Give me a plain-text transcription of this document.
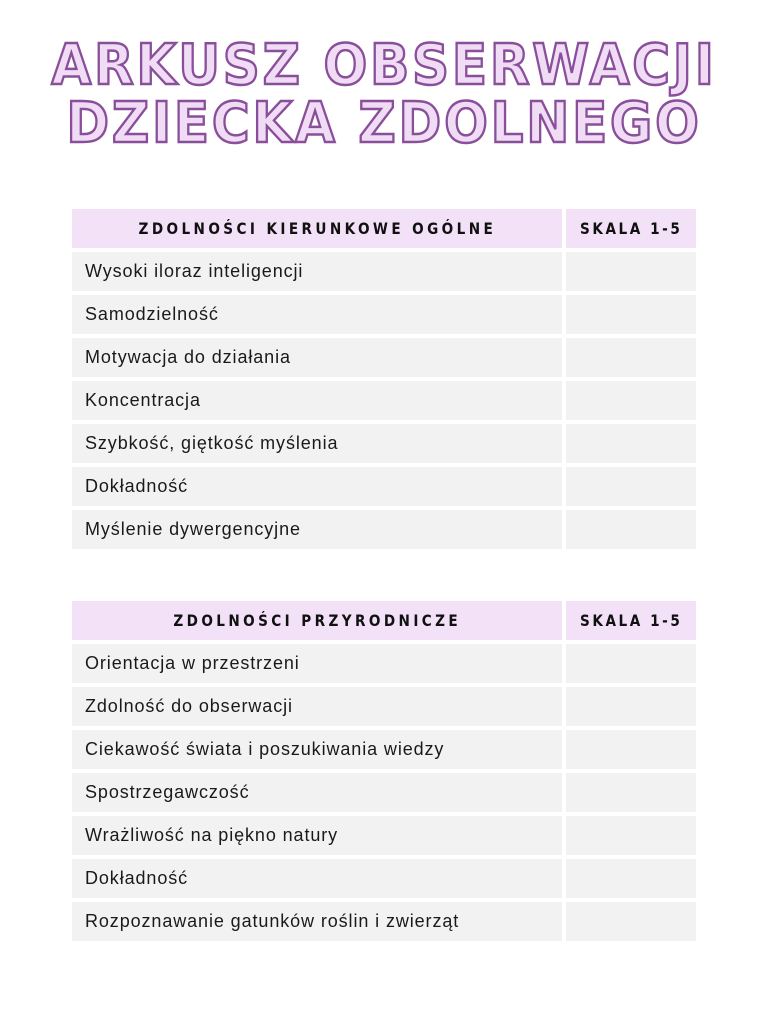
ARKUSZ OBSERWACJI
DZIECKA ZDOLNEGO
ZDOLNOŚCI KIERUNKOWE OGÓLNE	SKALA 1-5
Wysoki iloraz inteligencji
Samodzielność
Motywacja do działania
Koncentracja
Szybkość, giętkość myślenia
Dokładność
Myślenie dywergencyjne
ZDOLNOŚCI PRZYRODNICZE	SKALA 1-5
Orientacja w przestrzeni
Zdolność do obserwacji
Ciekawość świata i poszukiwania wiedzy
Spostrzegawczość
Wrażliwość na piękno natury
Dokładność
Rozpoznawanie gatunków roślin i zwierząt
